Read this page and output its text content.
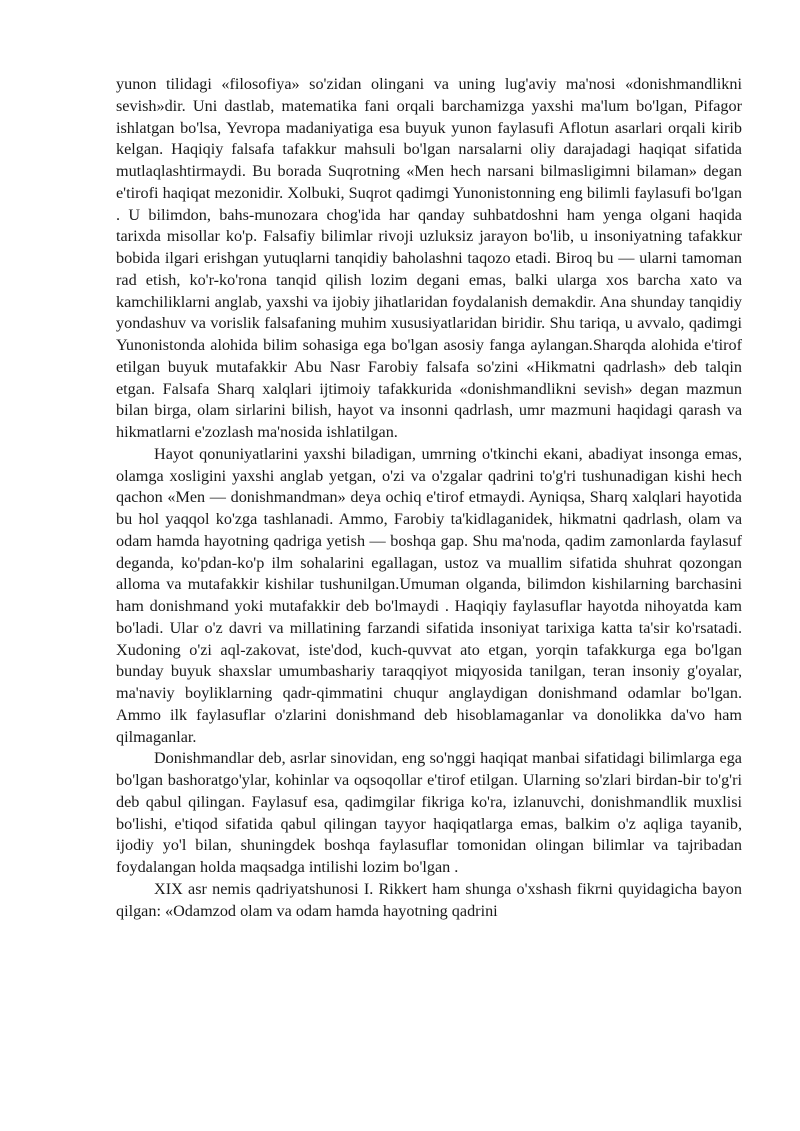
yunon tilidagi «filosofiya» so'zidan olingani va uning lug'aviy ma'nosi «donishmandlikni sevish»dir. Uni dastlab, matematika fani orqali barchamizga yaxshi ma'lum bo'lgan, Pifagor ishlatgan bo'lsa, Yevropa madaniyatiga esa buyuk yunon faylasufi Aflotun asarlari orqali kirib kelgan. Haqiqiy falsafa tafakkur mahsuli bo'lgan narsalarni oliy darajadagi haqiqat sifatida mutlaqlashtirmaydi. Bu borada Suqrotning «Men hech narsani bilmasligimni bilaman» degan e'tirofi haqiqat mezonidir. Xolbuki, Suqrot qadimgi Yunonistonning eng bilimli faylasufi bo'lgan . U bilimdon, bahs-munozara chog'ida har qanday suhbatdoshni ham yenga olgani haqida tarixda misollar ko'p. Falsafiy bilimlar rivoji uzluksiz jarayon bo'lib, u insoniyatning tafakkur bobida ilgari erishgan yutuqlarni tanqidiy baholashni taqozo etadi. Biroq bu — ularni tamoman rad etish, ko'r-ko'rona tanqid qilish lozim degani emas, balki ularga xos barcha xato va kamchiliklarni anglab, yaxshi va ijobiy jihatlaridan foydalanish demakdir. Ana shunday tanqidiy yondashuv va vorislik falsafaning muhim xususiyatlaridan biridir. Shu tariqa, u avvalo, qadimgi Yunonistonda alohida bilim sohasiga ega bo'lgan asosiy fanga aylangan.Sharqda alohida e'tirof etilgan buyuk mutafakkir Abu Nasr Farobiy falsafa so'zini «Hikmatni qadrlash» deb talqin etgan. Falsafa Sharq xalqlari ijtimoiy tafakkurida «donishmandlikni sevish» degan mazmun bilan birga, olam sirlarini bilish, hayot va insonni qadrlash, umr mazmuni haqidagi qarash va hikmatlarni e'zozlash ma'nosida ishlatilgan.

Hayot qonuniyatlarini yaxshi biladigan, umrning o'tkinchi ekani, abadiyat insonga emas, olamga xosligini yaxshi anglab yetgan, o'zi va o'zgalar qadrini to'g'ri tushunadigan kishi hech qachon «Men — donishmandman» deya ochiq e'tirof etmaydi. Ayniqsa, Sharq xalqlari hayotida bu hol yaqqol ko'zga tashlanadi. Ammo, Farobiy ta'kidlaganidek, hikmatni qadrlash, olam va odam hamda hayotning qadriga yetish — boshqa gap. Shu ma'noda, qadim zamonlarda faylasuf deganda, ko'pdan-ko'p ilm sohalarini egallagan, ustoz va muallim sifatida shuhrat qozongan alloma va mutafakkir kishilar tushunilgan.Umuman olganda, bilimdon kishilarning barchasini ham donishmand yoki mutafakkir deb bo'lmaydi . Haqiqiy faylasuflar hayotda nihoyatda kam bo'ladi. Ular o'z davri va millatining farzandi sifatida insoniyat tarixiga katta ta'sir ko'rsatadi. Xudoning o'zi aql-zakovat, iste'dod, kuch-quvvat ato etgan, yorqin tafakkurga ega bo'lgan bunday buyuk shaxslar umumbashariy taraqqiyot miqyosida tanilgan, teran insoniy g'oyalar, ma'naviy boyliklarning qadr-qimmatini chuqur anglaydigan donishmand odamlar bo'lgan. Ammo ilk faylasuflar o'zlarini donishmand deb hisoblamaganlar va donolikka da'vo ham qilmaganlar.

Donishmandlar deb, asrlar sinovidan, eng so'nggi haqiqat manbai sifatidagi bilimlarga ega bo'lgan bashoratgo'ylar, kohinlar va oqsoqollar e'tirof etilgan. Ularning so'zlari birdan-bir to'g'ri deb qabul qilingan. Faylasuf esa, qadimgilar fikriga ko'ra, izlanuvchi, donishmandlik muxlisi bo'lishi, e'tiqod sifatida qabul qilingan tayyor haqiqatlarga emas, balkim o'z aqliga tayanib, ijodiy yo'l bilan, shuningdek boshqa faylasuflar tomonidan olingan bilimlar va tajribadan foydalangan holda maqsadga intilishi lozim bo'lgan .

XIX asr nemis qadriyatshunosi I. Rikkert ham shunga o'xshash fikrni quyidagicha bayon qilgan: «Odamzod olam va odam hamda hayotning qadrini
